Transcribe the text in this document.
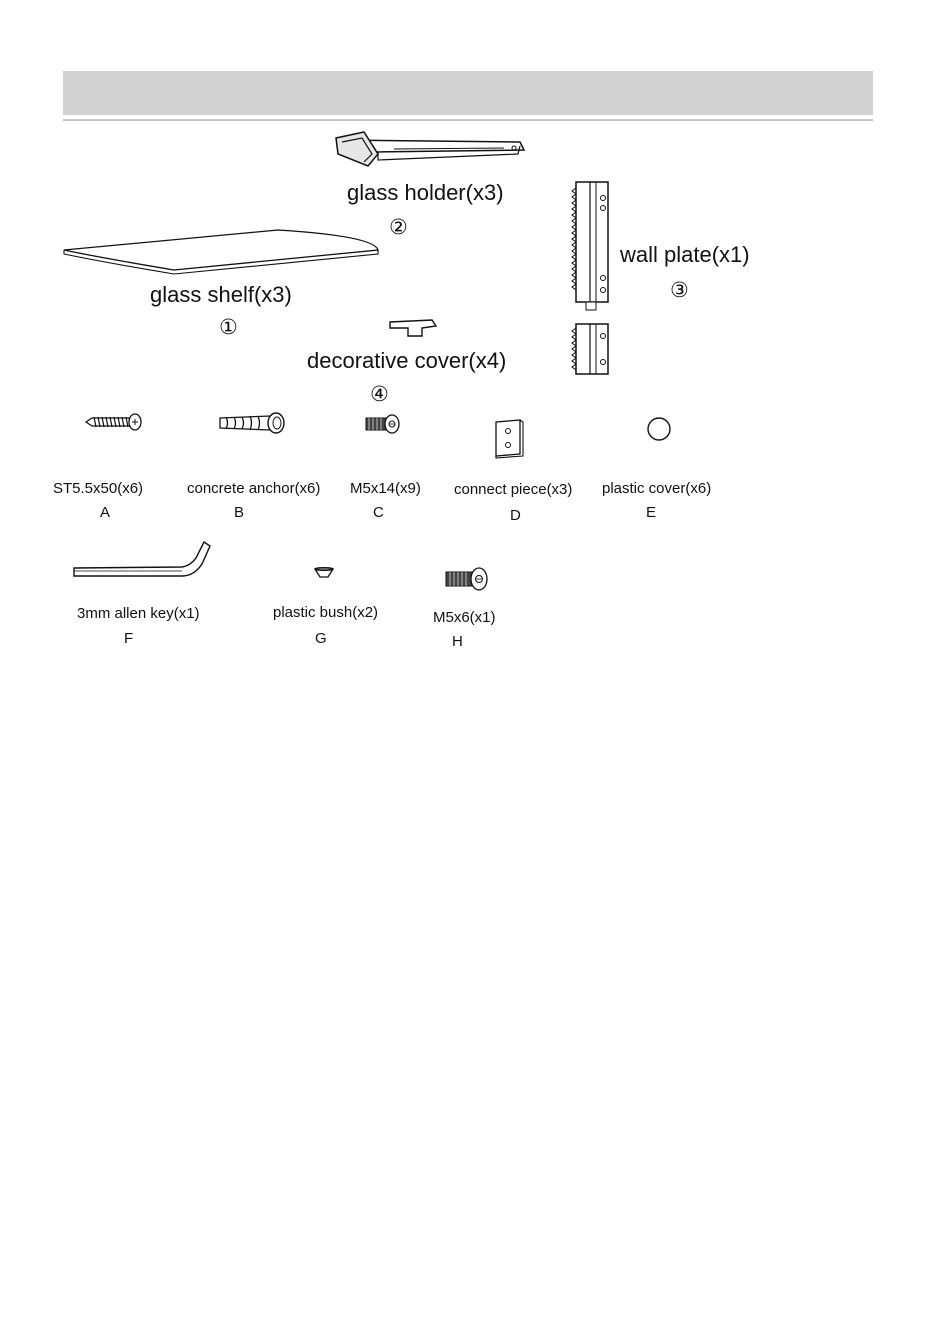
glass holder(x3)
②
glass shelf(x3)
①
wall plate(x1)
③
decorative cover(x4)
④
ST5.5x50(x6)
A
concrete anchor(x6)
B
M5x14(x9)
C
connect piece(x3)
D
plastic cover(x6)
E
3mm allen key(x1)
F
plastic bush(x2)
G
M5x6(x1)
H
